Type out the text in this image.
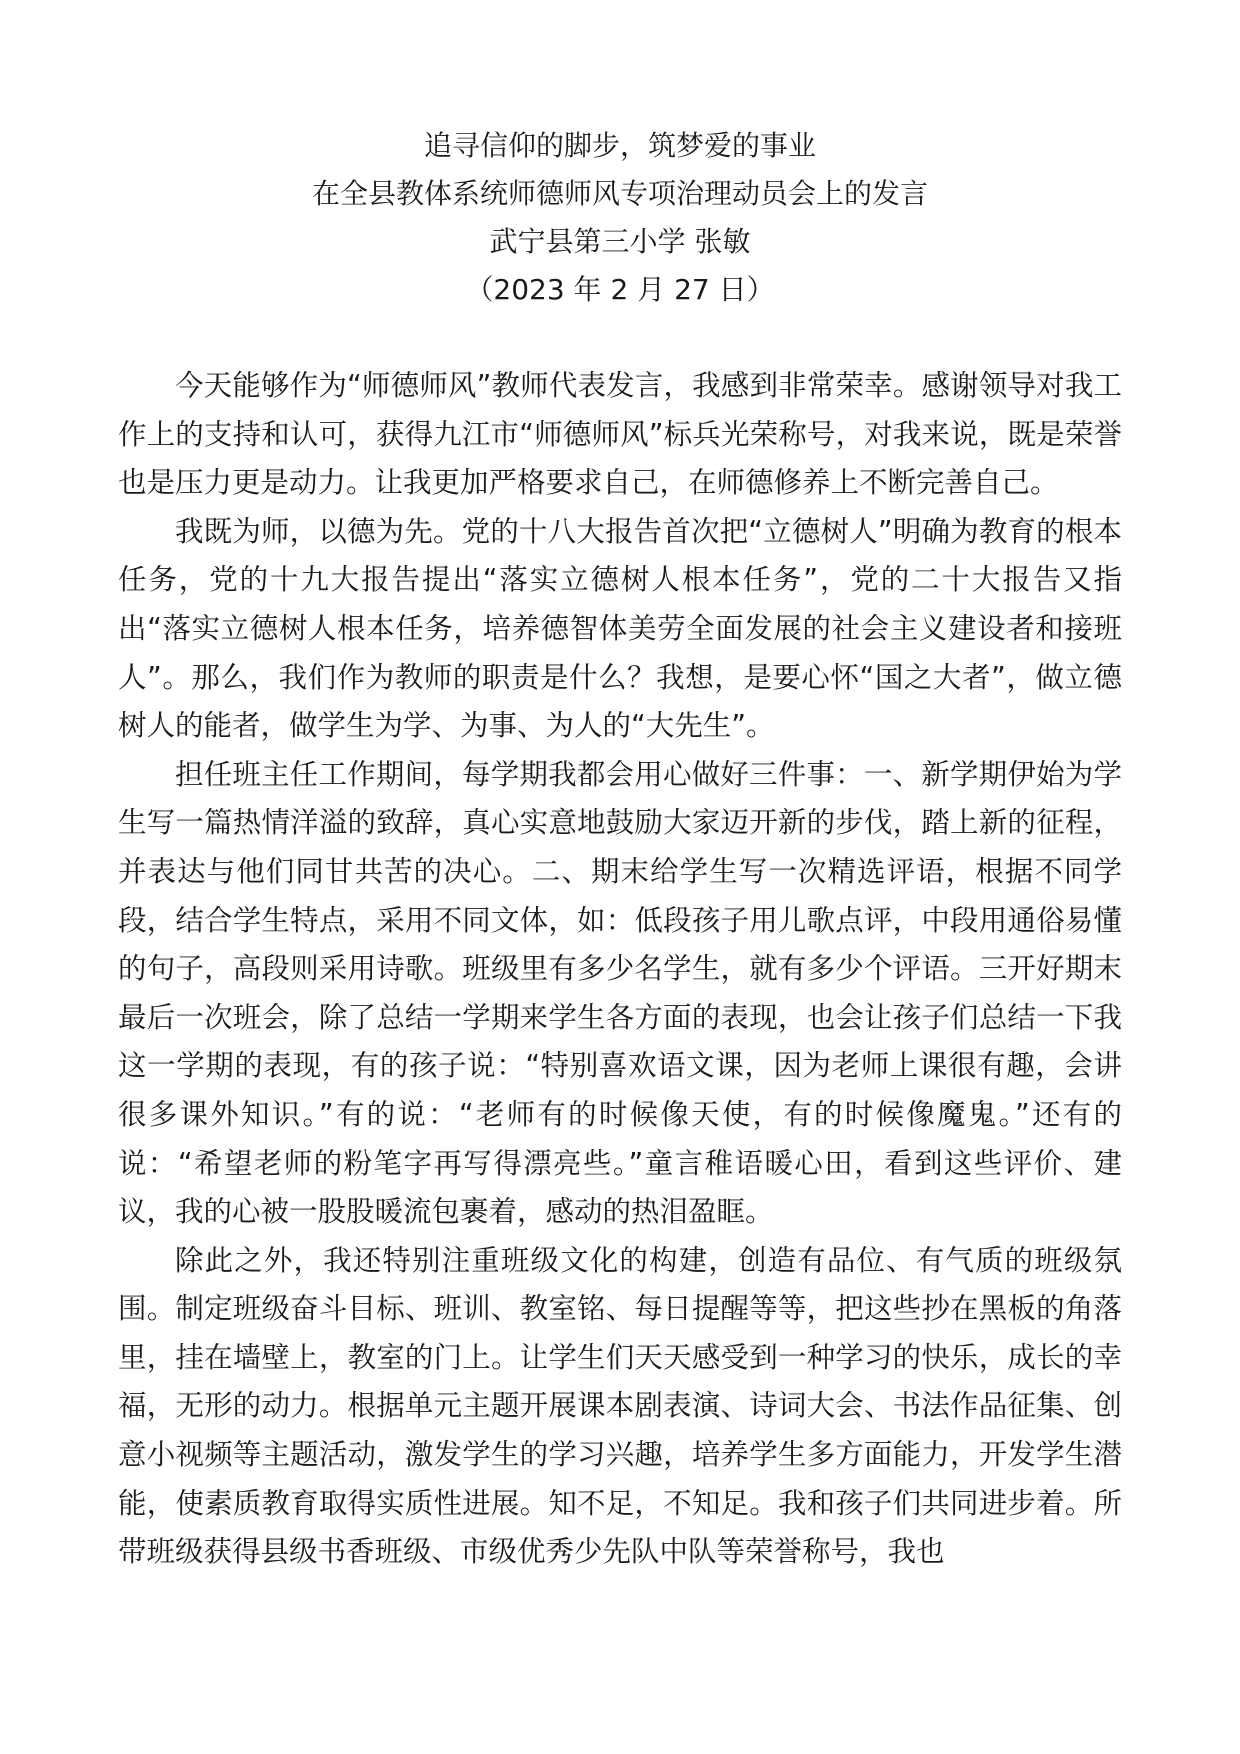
追寻信仰的脚步，筑梦爱的事业
在全县教体系统师德师风专项治理动员会上的发言
武宁县第三小学 张敏
（2023 年 2 月 27 日）

今天能够作为“师德师风”教师代表发言，我感到非常荣幸。感谢领导对我工作上的支持和认可，获得九江市“师德师风”标兵光荣称号，对我来说，既是荣誉也是压力更是动力。让我更加严格要求自己，在师德修养上不断完善自己。

我既为师，以德为先。党的十八大报告首次把“立德树人”明确为教育的根本任务，党的十九大报告提出“落实立德树人根本任务”，党的二十大报告又指出“落实立德树人根本任务，培养德智体美劳全面发展的社会主义建设者和接班人”。那么，我们作为教师的职责是什么？我想，是要心怀“国之大者”，做立德树人的能者，做学生为学、为事、为人的“大先生”。

担任班主任工作期间，每学期我都会用心做好三件事：一、新学期伊始为学生写一篇热情洋溢的致辞，真心实意地鼓励大家迈开新的步伐，踏上新的征程，并表达与他们同甘共苦的决心。二、期末给学生写一次精选评语，根据不同学段，结合学生特点，采用不同文体，如：低段孩子用儿歌点评，中段用通俗易懂的句子，高段则采用诗歌。班级里有多少名学生，就有多少个评语。三开好期末最后一次班会，除了总结一学期来学生各方面的表现，也会让孩子们总结一下我这一学期的表现，有的孩子说：“特别喜欢语文课，因为老师上课很有趣，会讲很多课外知识。”有的说：“老师有的时候像天使，有的时候像魔鬼。”还有的说：“希望老师的粉笔字再写得漂亮些。”童言稚语暖心田，看到这些评价、建议，我的心被一股股暖流包裹着，感动的热泪盈眶。

除此之外，我还特别注重班级文化的构建，创造有品位、有气质的班级氛围。制定班级奋斗目标、班训、教室铭、每日提醒等等，把这些抄在黑板的角落里，挂在墙壁上，教室的门上。让学生们天天感受到一种学习的快乐，成长的幸福，无形的动力。根据单元主题开展课本剧表演、诗词大会、书法作品征集、创意小视频等主题活动，激发学生的学习兴趣，培养学生多方面能力，开发学生潜能，使素质教育取得实质性进展。知不足，不知足。我和孩子们共同进步着。所带班级获得县级书香班级、市级优秀少先队中队等荣誉称号，我也
